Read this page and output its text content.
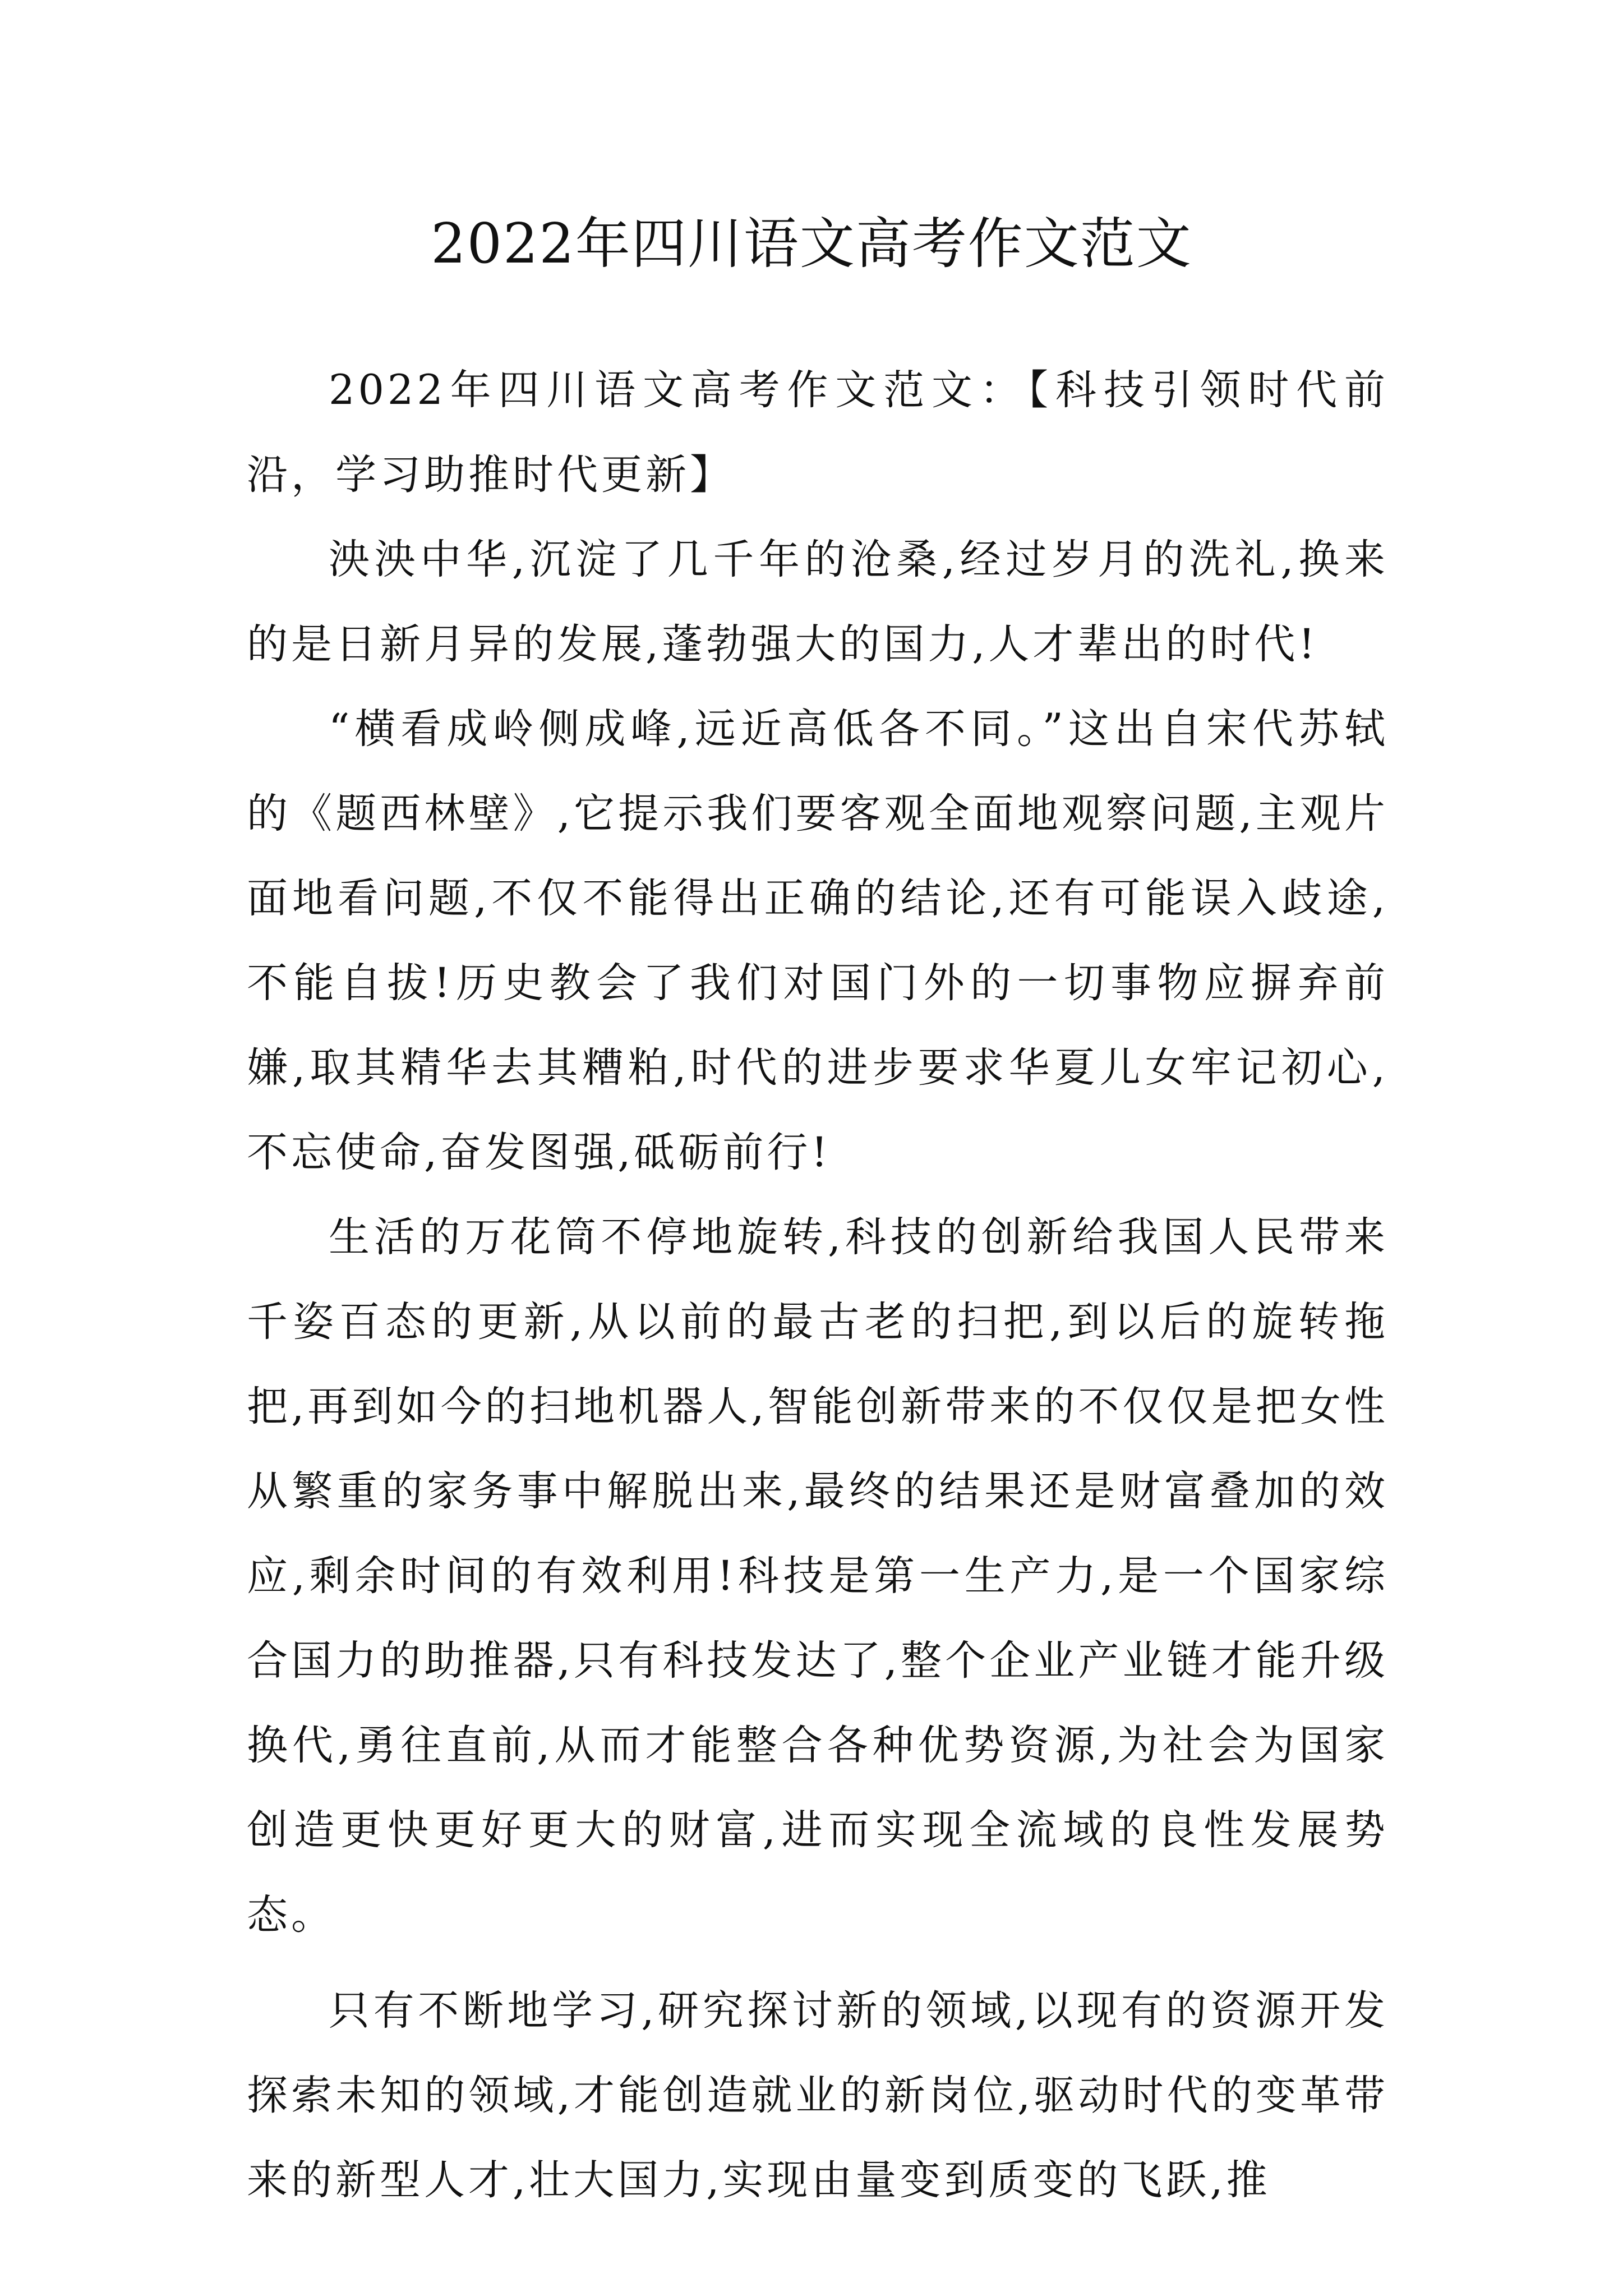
2022年四川语文高考作文范文

2022年四川语文高考作文范文：【科技引领时代前沿，学习助推时代更新】

泱泱中华,沉淀了几千年的沧桑,经过岁月的洗礼,换来的是日新月异的发展,蓬勃强大的国力,人才辈出的时代!

“横看成岭侧成峰,远近高低各不同。”这出自宋代苏轼的《题西林壁》,它提示我们要客观全面地观察问题,主观片面地看问题,不仅不能得出正确的结论,还有可能误入歧途,不能自拔!历史教会了我们对国门外的一切事物应摒弃前嫌,取其精华去其糟粕,时代的进步要求华夏儿女牢记初心,不忘使命,奋发图强,砥砺前行!

生活的万花筒不停地旋转,科技的创新给我国人民带来千姿百态的更新,从以前的最古老的扫把,到以后的旋转拖把,再到如今的扫地机器人,智能创新带来的不仅仅是把女性从繁重的家务事中解脱出来,最终的结果还是财富叠加的效应,剩余时间的有效利用!科技是第一生产力,是一个国家综合国力的助推器,只有科技发达了,整个企业产业链才能升级换代,勇往直前,从而才能整合各种优势资源,为社会为国家创造更快更好更大的财富,进而实现全流域的良性发展势态。

只有不断地学习,研究探讨新的领域,以现有的资源开发探索未知的领域,才能创造就业的新岗位,驱动时代的变革带来的新型人才,壮大国力,实现由量变到质变的飞跃,推
